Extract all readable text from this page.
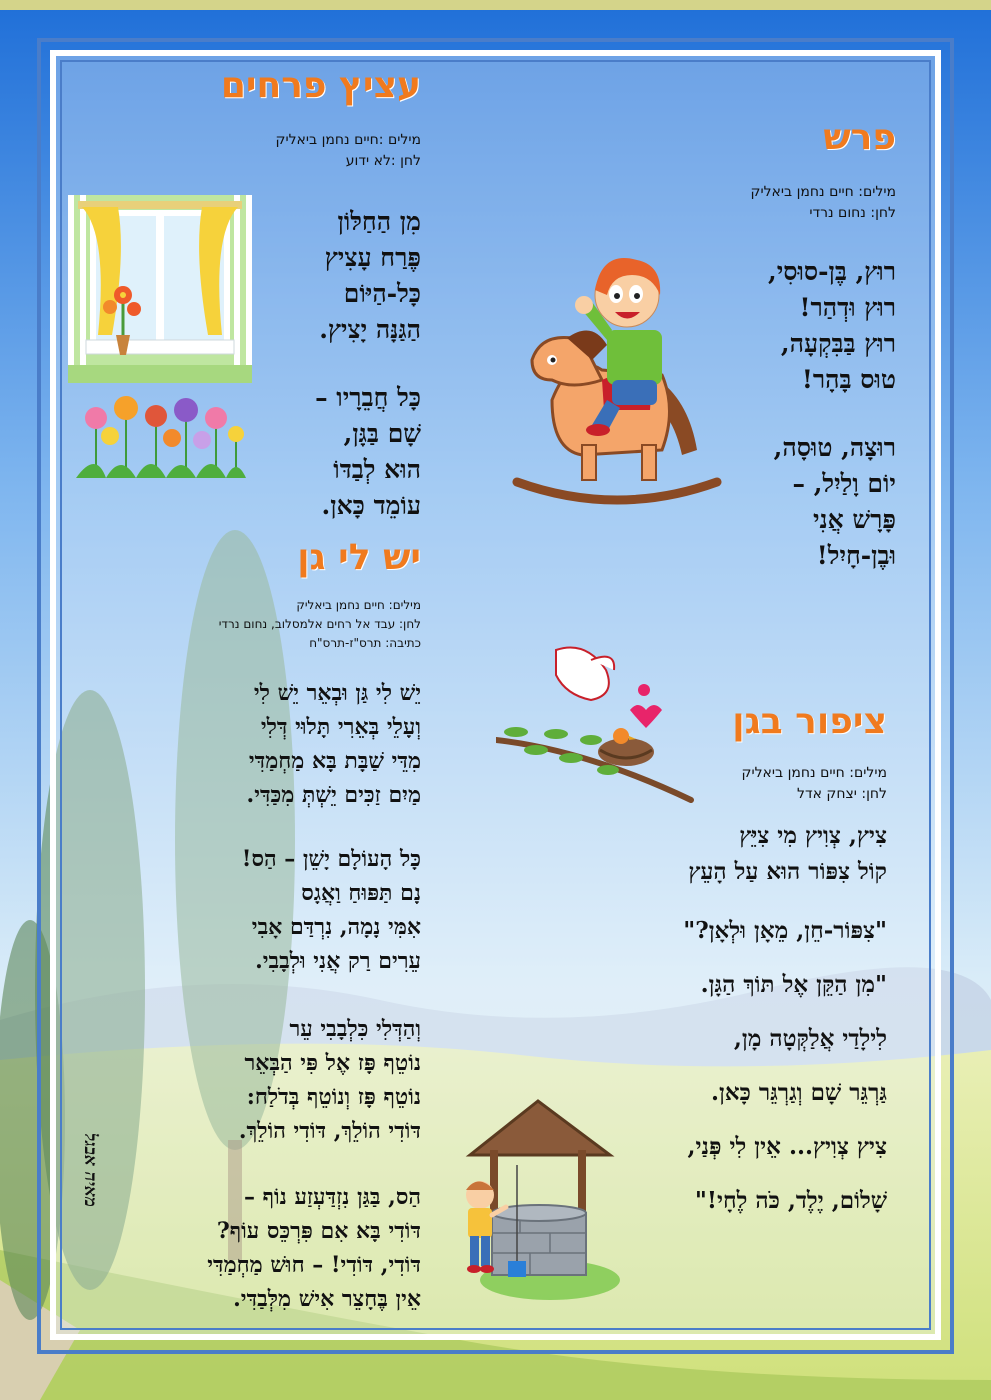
עציץ פרחים
מילים :חיים נחמן ביאליק
לחן :לא ידוע
מִן הַחַלּוֹן
פֶּרַח עָצִיץ
כָּל-הַיּוֹם
הַגַּנָּה יָצִיץ.
כָּל חֲבֵרָיו –
שָׁם בַּגָּן,
הוּא לְבַדּוֹ
עוֹמֵד כָּאן.
פרש
מילים: חיים נחמן ביאליק
לחן: נחום נרדי
רוּץ, בֶּן-סוּסִי,
רוּץ וּדְהַר!
רוּץ בַּבִּקְעָה,
טוּס בָּהָר!
רוּצָה, טוּסָה,
יוֹם וָלַיִל, –
פָּרָשׁ אֲנִי
וּבֶן-חָיִל!
יש לי גן
מילים: חיים נחמן ביאליק
לחן: עבד אל רחים אלמסלוב, נחום נרדי
כתיבה: תרס"ז-תרס"ח
יֵשׁ לִי גַּן וּבְאֵר יֵשׁ לִי
וְעָלֵי בְּאֵרִי תָּלוּי דְּלִי
מִדֵּי שַׁבָּת בָּא מַחְמַדִּי
מַיִם זַכִּים יֵשְׁתְּ מִכַּדִּי.
כָּל הָעוֹלָם יָשֵׁן – הַס!
נָם תַּפּוּחַ וַאֲגָס
אִמִּי נָמָה, נִרְדַּם אָבִי
עֵרִים רַק אֲנִי וּלְבָבִי.
וְהַדְּלִי כִּלְבָבִי עֵר
נוֹטֵף פָּז אֶל פִּי הַבְּאֵר
נוֹטֵף פָּז וְנוֹטֵף בְּדֹלַח:
דּוֹדִי הוֹלֵךְ, דּוֹדִי הוֹלֵךְ.
הַס, בַּגַּן נִזְדַּעְזַע נוֹף –
דּוֹדִי בָּא אִם פִּרְכֵּס עוֹף?
דּוֹדִי, דּוֹדִי! – חוּשׁ מַחְמַדִּי
אֵין בֶּחָצֵר אִישׁ מִלְּבַדִּי.
ציפור בגן
מילים: חיים נחמן ביאליק
לחן: יצחק אדל
צִיץ, צְוִיץ מִי צִיֵּץ
קוֹל צִפּוֹר הוּא עַל הָעֵץ
"צִפּוֹר-חֵן, מֵאָן וּלְאָן?"
"מִן הַקֵּן אֶל תּוֹךְ הַגָּן.
לִילָדַי אֲלַקְּטָה מָן,
גַּרְגֵּר שָׁם וְגַרְגֵּר כָּאן.
צִיץ צְוִיץ... אֵין לִי פְּנַי,
שָׁלוֹם, יֶלֶד, כֹּה לֶחָי!"
מאיה אבגל
